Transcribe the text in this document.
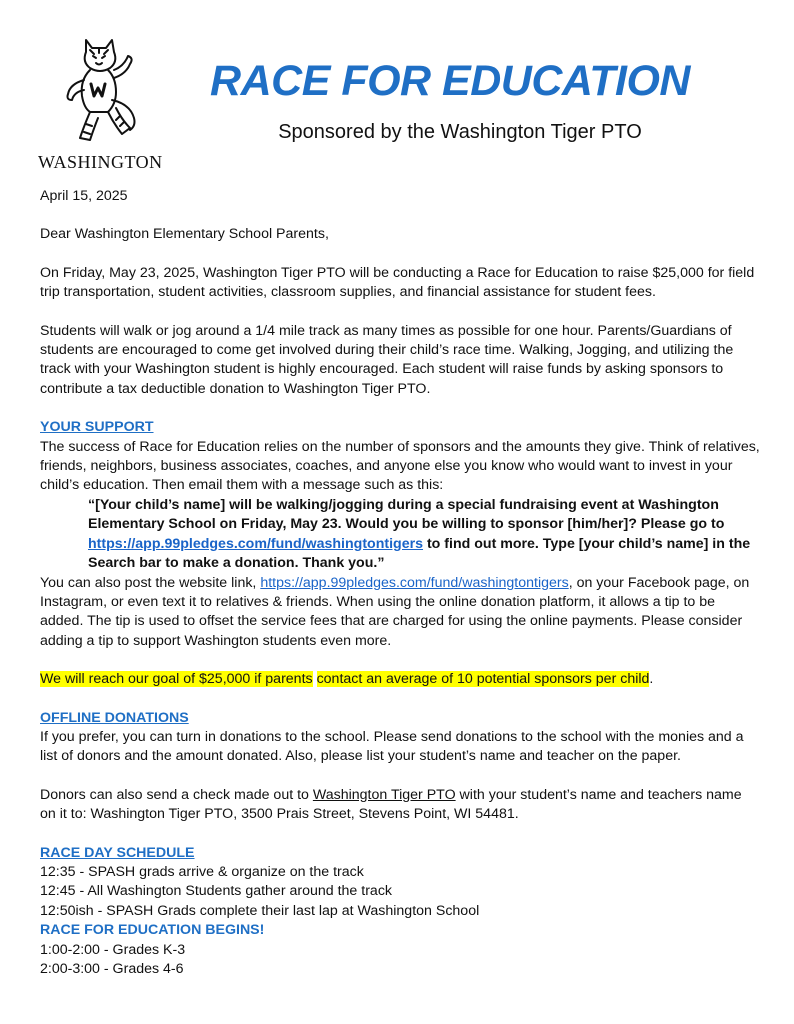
WASHINGTON
RACE FOR EDUCATION
Sponsored by the Washington Tiger PTO

April 15, 2025

Dear Washington Elementary School Parents,

On Friday, May 23, 2025, Washington Tiger PTO will be conducting a Race for Education to raise $25,000 for field trip transportation, student activities, classroom supplies, and financial assistance for student fees.

Students will walk or jog around a 1/4 mile track as many times as possible for one hour. Parents/Guardians of students are encouraged to come get involved during their child’s race time. Walking, Jogging, and utilizing the track with your Washington student is highly encouraged. Each student will raise funds by asking sponsors to contribute a tax deductible donation to Washington Tiger PTO.

YOUR SUPPORT

The success of Race for Education relies on the number of sponsors and the amounts they give. Think of relatives, friends, neighbors, business associates, coaches, and anyone else you know who would want to invest in your child’s education. Then email them with a message such as this:

“[Your child’s name] will be walking/jogging during a special fundraising event at Washington Elementary School on Friday, May 23. Would you be willing to sponsor [him/her]? Please go to https://app.99pledges.com/fund/washingtontigers to find out more. Type [your child’s name] in the Search bar to make a donation. Thank you.”

You can also post the website link, https://app.99pledges.com/fund/washingtontigers, on your Facebook page, on Instagram, or even text it to relatives & friends. When using the online donation platform, it allows a tip to be added. The tip is used to offset the service fees that are charged for using the online payments. Please consider adding a tip to support Washington students even more.

We will reach our goal of $25,000 if parents contact an average of 10 potential sponsors per child.

OFFLINE DONATIONS

If you prefer, you can turn in donations to the school. Please send donations to the school with the monies and a list of donors and the amount donated. Also, please list your student’s name and teacher on the paper.

Donors can also send a check made out to Washington Tiger PTO with your student’s name and teachers name on it to: Washington Tiger PTO, 3500 Prais Street, Stevens Point, WI 54481.

RACE DAY SCHEDULE

12:35 - SPASH grads arrive & organize on the track

12:45 - All Washington Students gather around the track

12:50ish - SPASH Grads complete their last lap at Washington School

RACE FOR EDUCATION BEGINS!

1:00-2:00 - Grades K-3

2:00-3:00 - Grades 4-6
